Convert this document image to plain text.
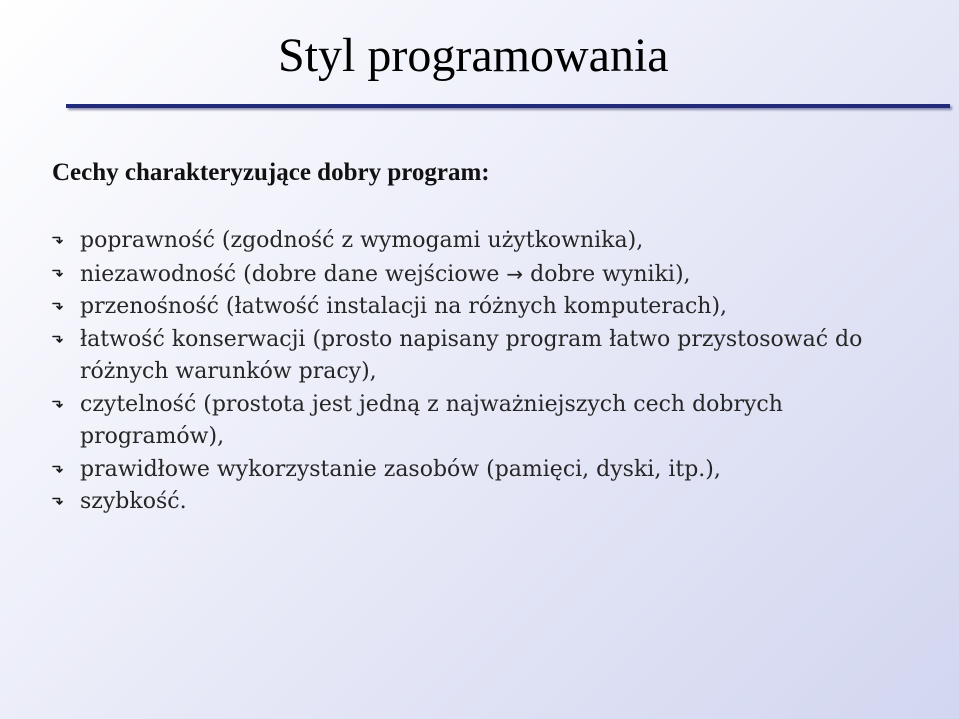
Styl programowania
Cechy charakteryzujące dobry program:
poprawność (zgodność z wymogami użytkownika),
niezawodność (dobre dane wejściowe → dobre wyniki),
przenośność (łatwość instalacji na różnych komputerach),
łatwość konserwacji (prosto napisany program łatwo przystosować do różnych warunków pracy),
czytelność (prostota jest jedną z najważniejszych cech dobrych programów),
prawidłowe wykorzystanie zasobów (pamięci, dyski, itp.),
szybkość.
